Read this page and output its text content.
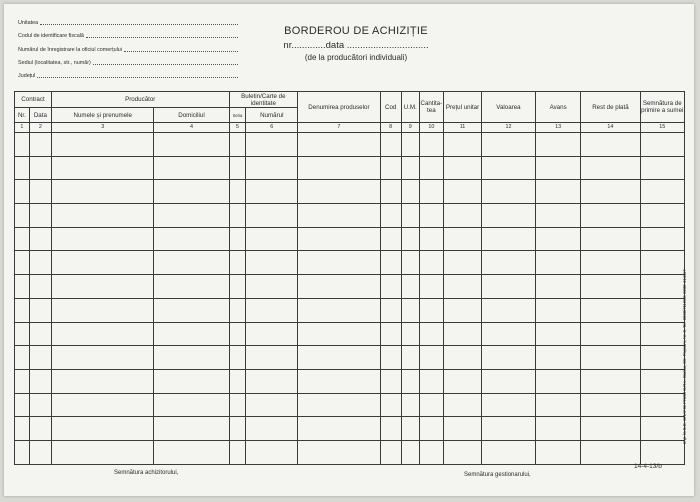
Unitatea
Codul de identificare fiscală
Numărul de înregistrare la oficiul comerțului
Sediul (localitatea, str., număr)
Județul
BORDEROU DE ACHIZIȚIE
nr.............data ...............................
(de la producători individuali)
Contract		Producător		Buletin/Carte de identitate		Denumirea produselor	Cod	U.M.	Cantita- tea	Prețul unitar	Valoarea	Avans	Rest de plată	Semnătura de primire a sumei
Nr.	Data	Numele și prenumele	Domiciliul	Seria	Numărul									
1	2	3	4	5	6	7	8	9	10	11	12	13	14	15

Imp. la S.C. GRAFIC PROD S.R.L. Buzău, Str. Pașcani, Nr. 2, Tel: 0238/711083; 0238-414117
14-4-13/b
Semnătura achizitorului,	Semnătura gestionarului,
